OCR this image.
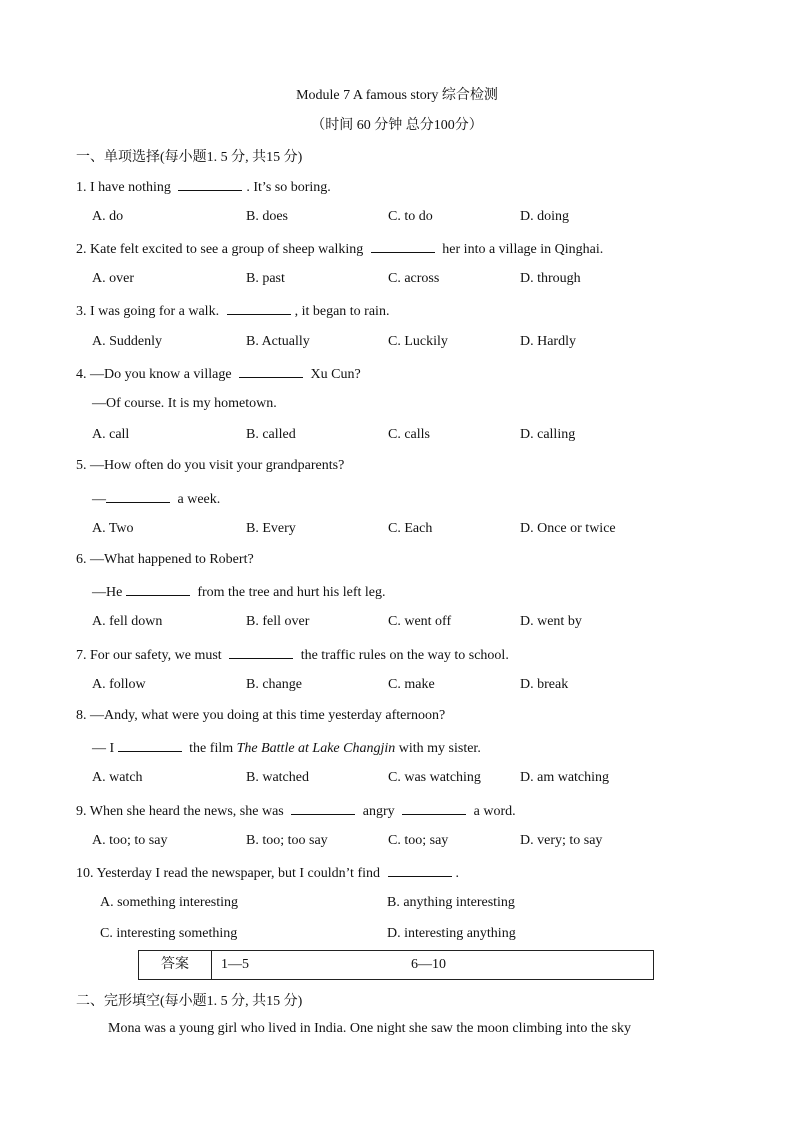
Module 7 A famous story 综合检测
（时间 60 分钟 总分100分）
一、单项选择(每小题1. 5 分, 共15 分)
1. I have nothing	. It’s so boring.
A. do	B. does	C. to do	D. doing
2. Kate felt excited to see a group of sheep walking	her into a village in Qinghai.
A. over	B. past	C. across	D. through
3. I was going for a walk.	, it began to rain.
A. Suddenly	B. Actually	C. Luckily	D. Hardly
4. —Do you know a village	Xu Cun?
—Of course. It is my hometown.
A. call	B. called	C. calls	D. calling
5. —How often do you visit your grandparents?
—	a week.
A. Two	B. Every	C. Each	D. Once or twice
6. —What happened to Robert?
—He	from the tree and hurt his left leg.
A. fell down	B. fell over	C. went off	D. went by
7. For our safety, we must	the traffic rules on the way to school.
A. follow	B. change	C. make	D. break
8. —Andy, what were you doing at this time yesterday afternoon?
— I	the film The Battle at Lake Changjin with my sister.
A. watch	B. watched	C. was watching	D. am watching
9. When she heard the news, she was	angry	a word.
A. too; to say	B. too; too say	C. too; say	D. very; to say
10. Yesterday I read the newspaper, but I couldn’t find	.
A. something interesting	B. anything interesting
C. interesting something	D. interesting anything
答案	1—5	6—10
二、完形填空(每小题1. 5 分, 共15 分)
Mona was a young girl who lived in India. One night she saw the moon climbing into the sky
